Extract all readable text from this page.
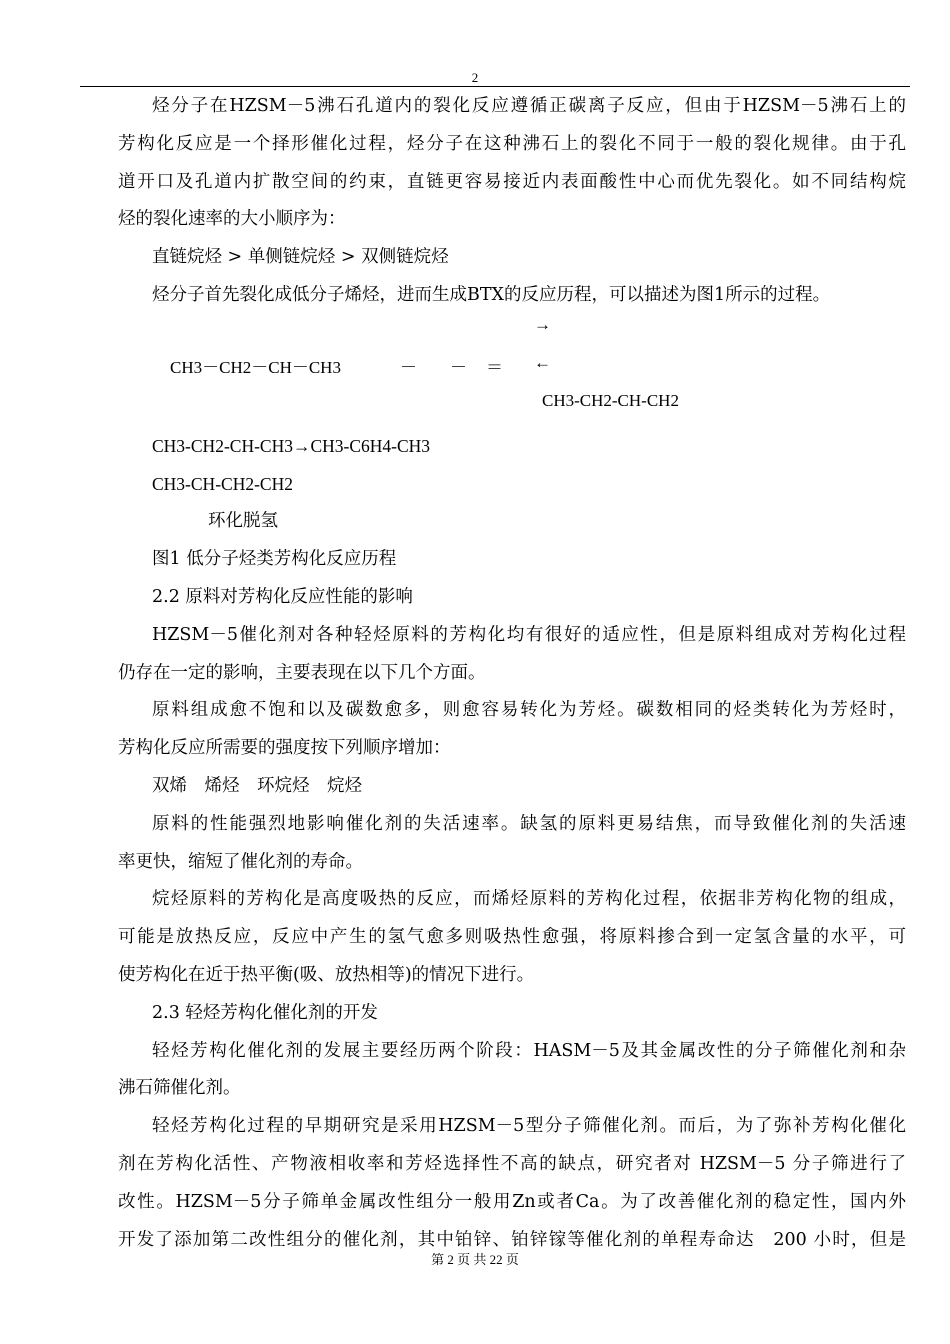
2
烃分子在HZSM－5沸石孔道内的裂化反应遵循正碳离子反应，但由于HZSM－5沸石上的
芳构化反应是一个择形催化过程，烃分子在这种沸石上的裂化不同于一般的裂化规律。由于孔
道开口及孔道内扩散空间的约束，直链更容易接近内表面酸性中心而优先裂化。如不同结构烷
烃的裂化速率的大小顺序为：
直链烷烃 > 单侧链烷烃 > 双侧链烷烃
烃分子首先裂化成低分子烯烃，进而生成BTX的反应历程，可以描述为图1所示的过程。
→
CH3－CH2－CH－CH3	－ － ＝ ←
CH3-CH2-CH-CH2
CH3-CH2-CH-CH3→CH3-C6H4-CH3
CH3-CH-CH2-CH2
环化脱氢
图1 低分子烃类芳构化反应历程
2.2 原料对芳构化反应性能的影响
HZSM－5催化剂对各种轻烃原料的芳构化均有很好的适应性，但是原料组成对芳构化过程
仍存在一定的影响，主要表现在以下几个方面。
原料组成愈不饱和以及碳数愈多，则愈容易转化为芳烃。碳数相同的烃类转化为芳烃时，
芳构化反应所需要的强度按下列顺序增加：
双烯　烯烃　环烷烃　烷烃
原料的性能强烈地影响催化剂的失活速率。缺氢的原料更易结焦，而导致催化剂的失活速
率更快，缩短了催化剂的寿命。
烷烃原料的芳构化是高度吸热的反应，而烯烃原料的芳构化过程，依据非芳构化物的组成，
可能是放热反应，反应中产生的氢气愈多则吸热性愈强，将原料掺合到一定氢含量的水平，可
使芳构化在近于热平衡(吸、放热相等)的情况下进行。
2.3 轻烃芳构化催化剂的开发
轻烃芳构化催化剂的发展主要经历两个阶段：HASM－5及其金属改性的分子筛催化剂和杂
沸石筛催化剂。
轻烃芳构化过程的早期研究是采用HZSM－5型分子筛催化剂。而后，为了弥补芳构化催化
剂在芳构化活性、产物液相收率和芳烃选择性不高的缺点，研究者对 HZSM－5 分子筛进行了
改性。HZSM－5分子筛单金属改性组分一般用Zn或者Ca。为了改善催化剂的稳定性，国内外
开发了添加第二改性组分的催化剂，其中铂锌、铂锌镓等催化剂的单程寿命达　200 小时，但是
第 2 页 共 22 页
